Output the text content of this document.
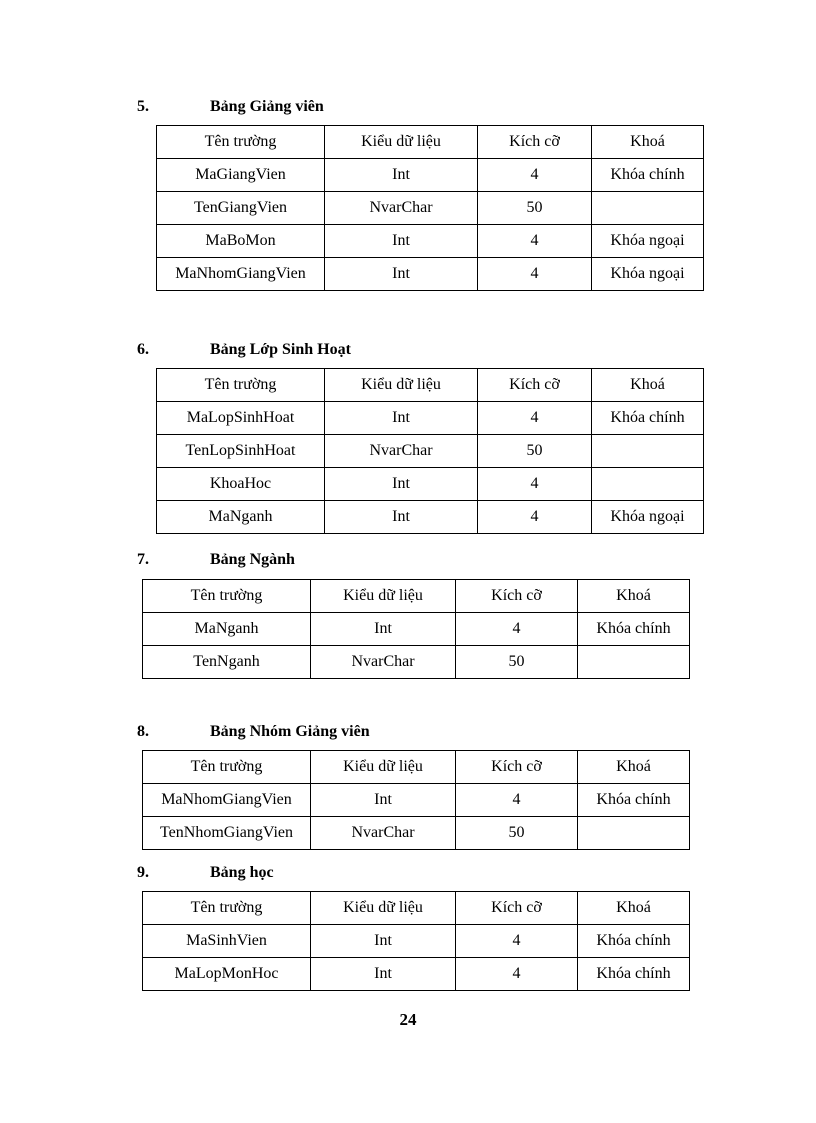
5.	Bảng Giảng viên
Tên trường	Kiểu dữ liệu	Kích cỡ	Khoá
MaGiangVien	Int	4	Khóa chính
TenGiangVien	NvarChar	50	
MaBoMon	Int	4	Khóa ngoại
MaNhomGiangVien	Int	4	Khóa ngoại
6.	Bảng Lớp Sinh Hoạt
Tên trường	Kiểu dữ liệu	Kích cỡ	Khoá
MaLopSinhHoat	Int	4	Khóa chính
TenLopSinhHoat	NvarChar	50	
KhoaHoc	Int	4	
MaNganh	Int	4	Khóa ngoại
7.	Bảng Ngành
Tên trường	Kiểu dữ liệu	Kích cỡ	Khoá
MaNganh	Int	4	Khóa chính
TenNganh	NvarChar	50	
8.	Bảng Nhóm Giảng viên
Tên trường	Kiểu dữ liệu	Kích cỡ	Khoá
MaNhomGiangVien	Int	4	Khóa chính
TenNhomGiangVien	NvarChar	50	
9.	Bảng học
Tên trường	Kiểu dữ liệu	Kích cỡ	Khoá
MaSinhVien	Int	4	Khóa chính
MaLopMonHoc	Int	4	Khóa chính
24
